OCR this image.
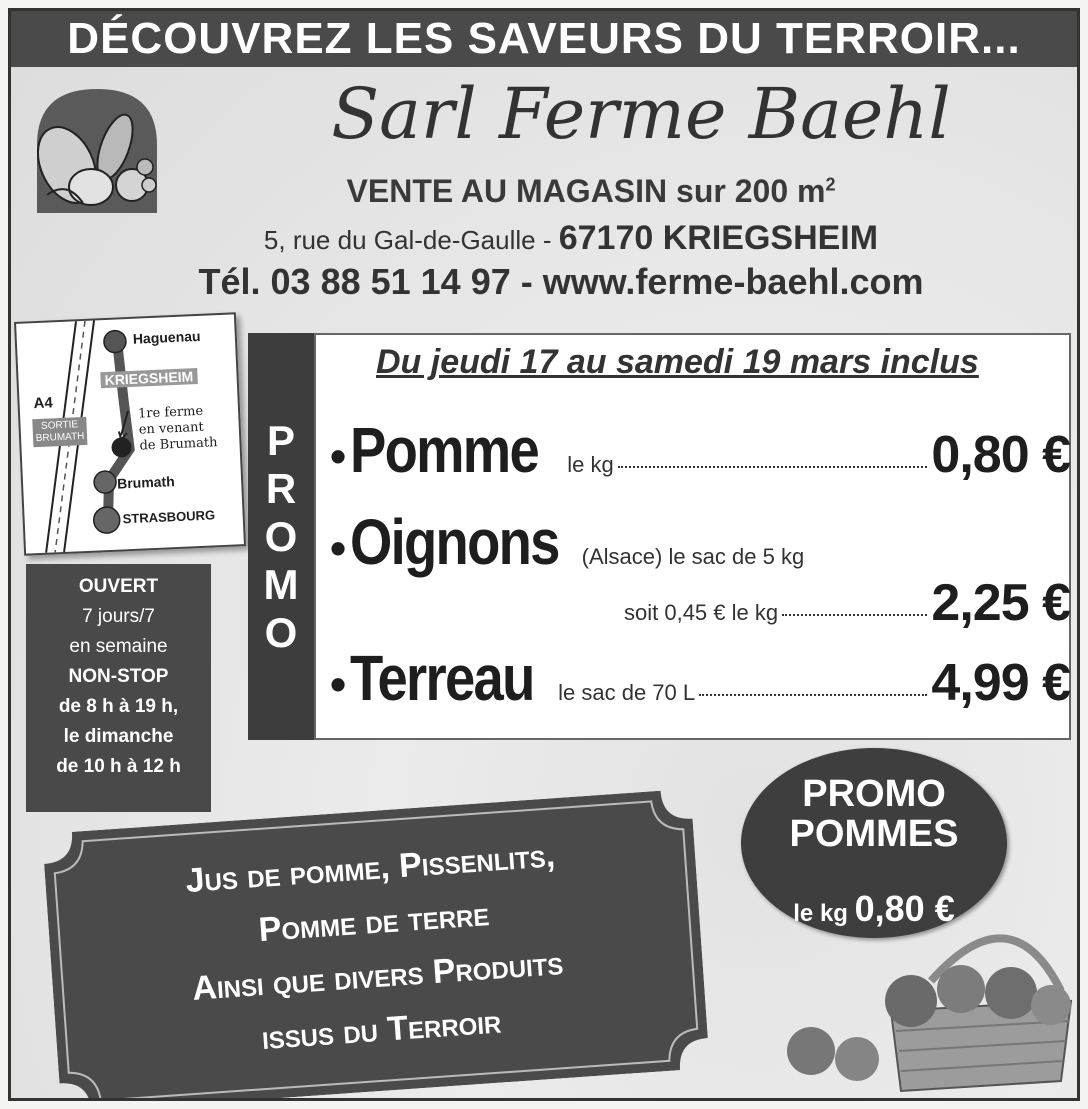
DÉCOUVREZ LES SAVEURS DU TERROIR...
Sarl Ferme Baehl
VENTE AU MAGASIN sur 200 $m^2$
5, rue du Gal-de-Gaulle - 67170 KRIEGSHEIM
Tél. 03 88 51 14 97 - www.ferme-baehl.com
Haguenau
KRIEGSHEIM
A4
SORTIE BRUMATH
1re ferme
en venant
de Brumath
Brumath
STRASBOURG
OUVERT
7 jours/7
en semaine
NON-STOP
de 8 h à 19 h,
le dimanche
de 10 h à 12 h
P
R
O
M
O
Du jeudi 17 au samedi 19 mars inclus
• Pomme le kg	0,80 €
• Oignons (Alsace) le sac de 5 kg
soit 0,45 € le kg	2,25 €
• Terreau le sac de 70 L	4,99 €
PROMO
POMMES
le kg 0,80 €
Jus de pomme, Pissenlits,
Pomme de terre
Ainsi que divers Produits
issus du Terroir
